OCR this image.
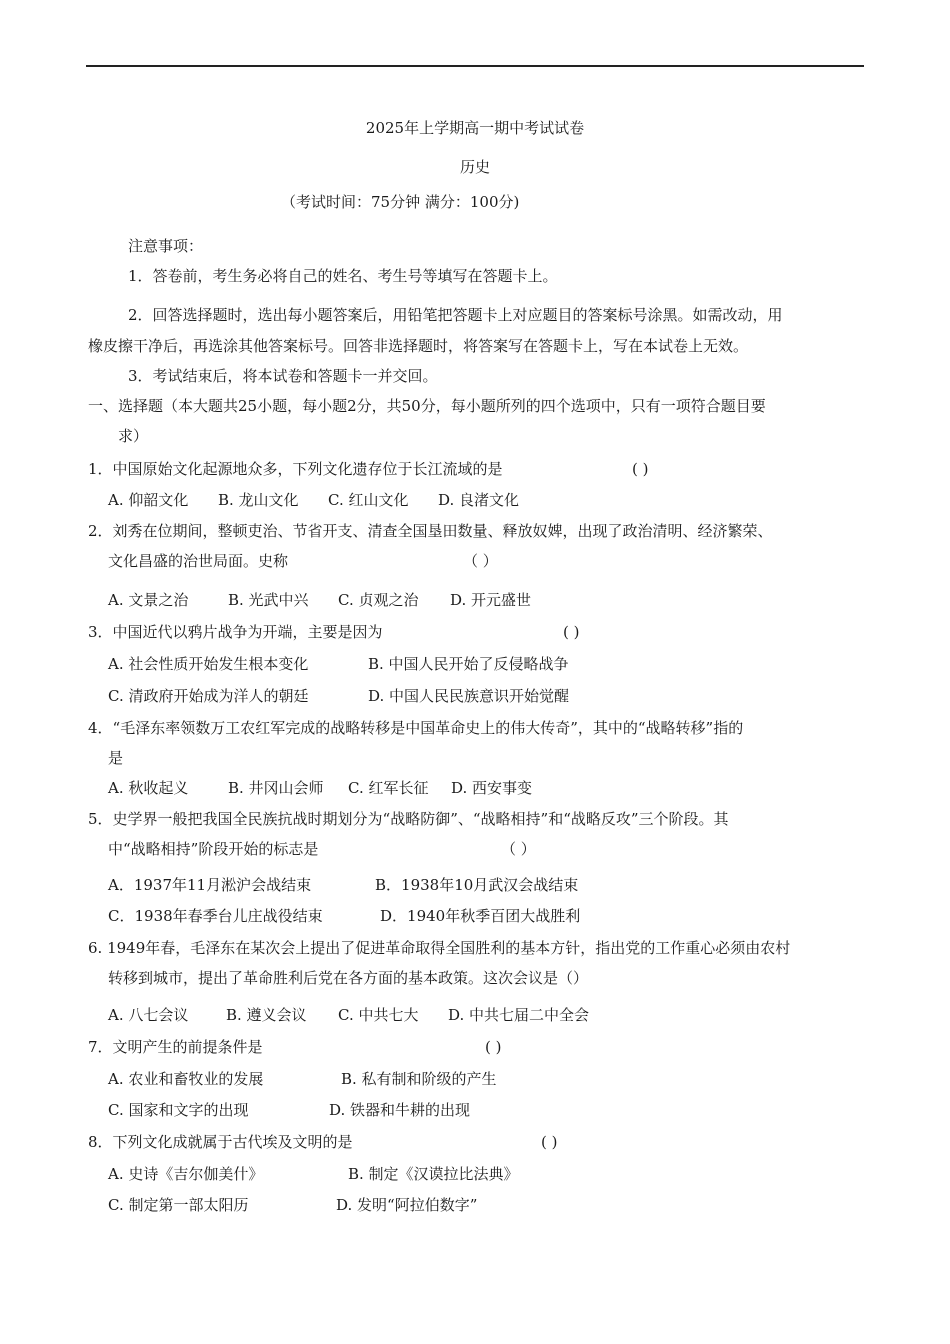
2025年上学期高一期中考试试卷
历史
（考试时间：75分钟 满分：100分)
注意事项：
1．答卷前，考生务必将自己的姓名、考生号等填写在答题卡上。
2．回答选择题时，选出每小题答案后，用铅笔把答题卡上对应题目的答案标号涂黑。如需改动，用
橡皮擦干净后，再选涂其他答案标号。回答非选择题时，将答案写在答题卡上，写在本试卷上无效。
3．考试结束后，将本试卷和答题卡一并交回。
一、选择题（本大题共25小题，每小题2分，共50分，每小题所列的四个选项中，只有一项符合题目要
求）
1．中国原始文化起源地众多，下列文化遗存位于长江流域的是	( )
A. 仰韶文化 B. 龙山文化 C. 红山文化 D. 良渚文化
2．刘秀在位期间，整顿吏治、节省开支、清查全国垦田数量、释放奴婢，出现了政治清明、经济繁荣、
文化昌盛的治世局面。史称	（ ）
A. 文景之治	B. 光武中兴 C. 贞观之治 D. 开元盛世
3．中国近代以鸦片战争为开端，主要是因为	( )
A. 社会性质开始发生根本变化	B. 中国人民开始了反侵略战争
C. 清政府开始成为洋人的朝廷	D. 中国人民民族意识开始觉醒
4．“毛泽东率领数万工农红军完成的战略转移是中国革命史上的伟大传奇”，其中的“战略转移”指的
是
A. 秋收起义	B. 井冈山会师 C. 红军长征 D. 西安事变
5．史学界一般把我国全民族抗战时期划分为“战略防御”、“战略相持”和“战略反攻”三个阶段。其
中“战略相持”阶段开始的标志是	（ ）
A．1937年11月淞沪会战结束	B．1938年10月武汉会战结束
C．1938年春季台儿庄战役结束	D．1940年秋季百团大战胜利
6. 1949年春，毛泽东在某次会上提出了促进革命取得全国胜利的基本方针，指出党的工作重心必须由农村
转移到城市，提出了革命胜利后党在各方面的基本政策。这次会议是（）
A. 八七会议	B. 遵义会议 C. 中共七大 D. 中共七届二中全会
7．文明产生的前提条件是	( )
A. 农业和畜牧业的发展	B. 私有制和阶级的产生
C. 国家和文字的出现	D. 铁器和牛耕的出现
8．下列文化成就属于古代埃及文明的是	( )
A. 史诗《吉尔伽美什》	B. 制定《汉谟拉比法典》
C. 制定第一部太阳历	D. 发明“阿拉伯数字”
